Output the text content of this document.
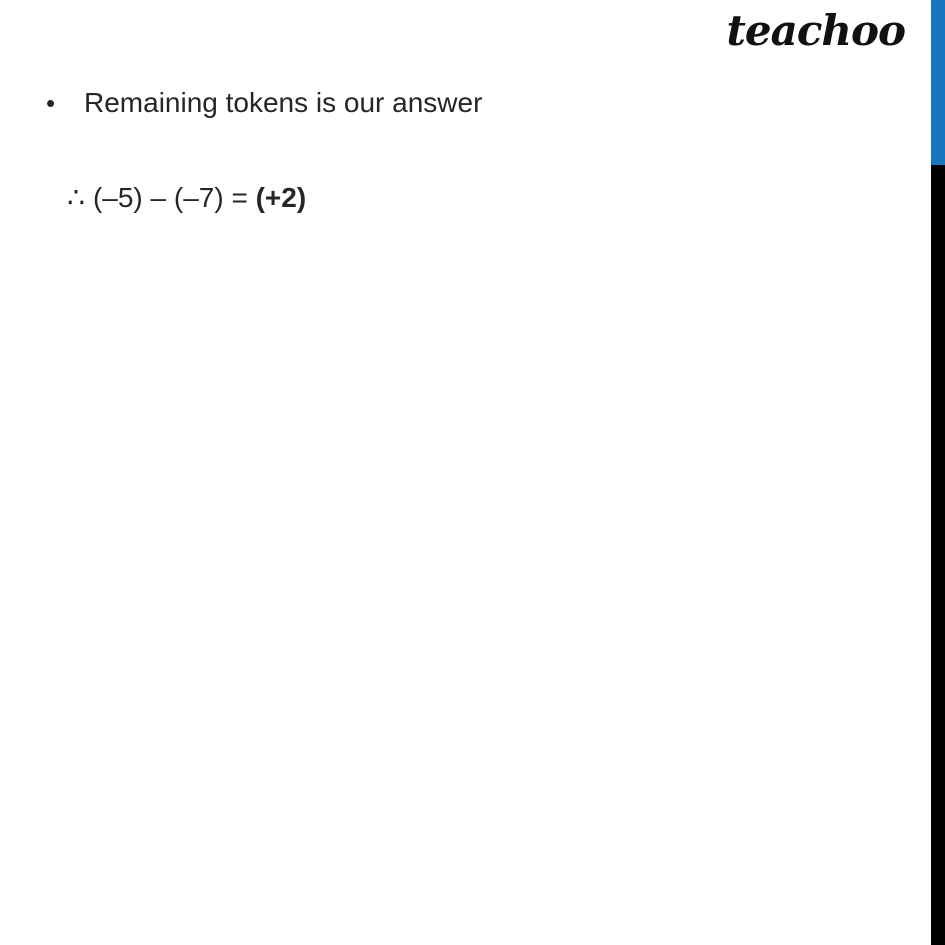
teachoo
•	Remaining tokens is our answer

∴ (–5) – (–7) = (+2)
